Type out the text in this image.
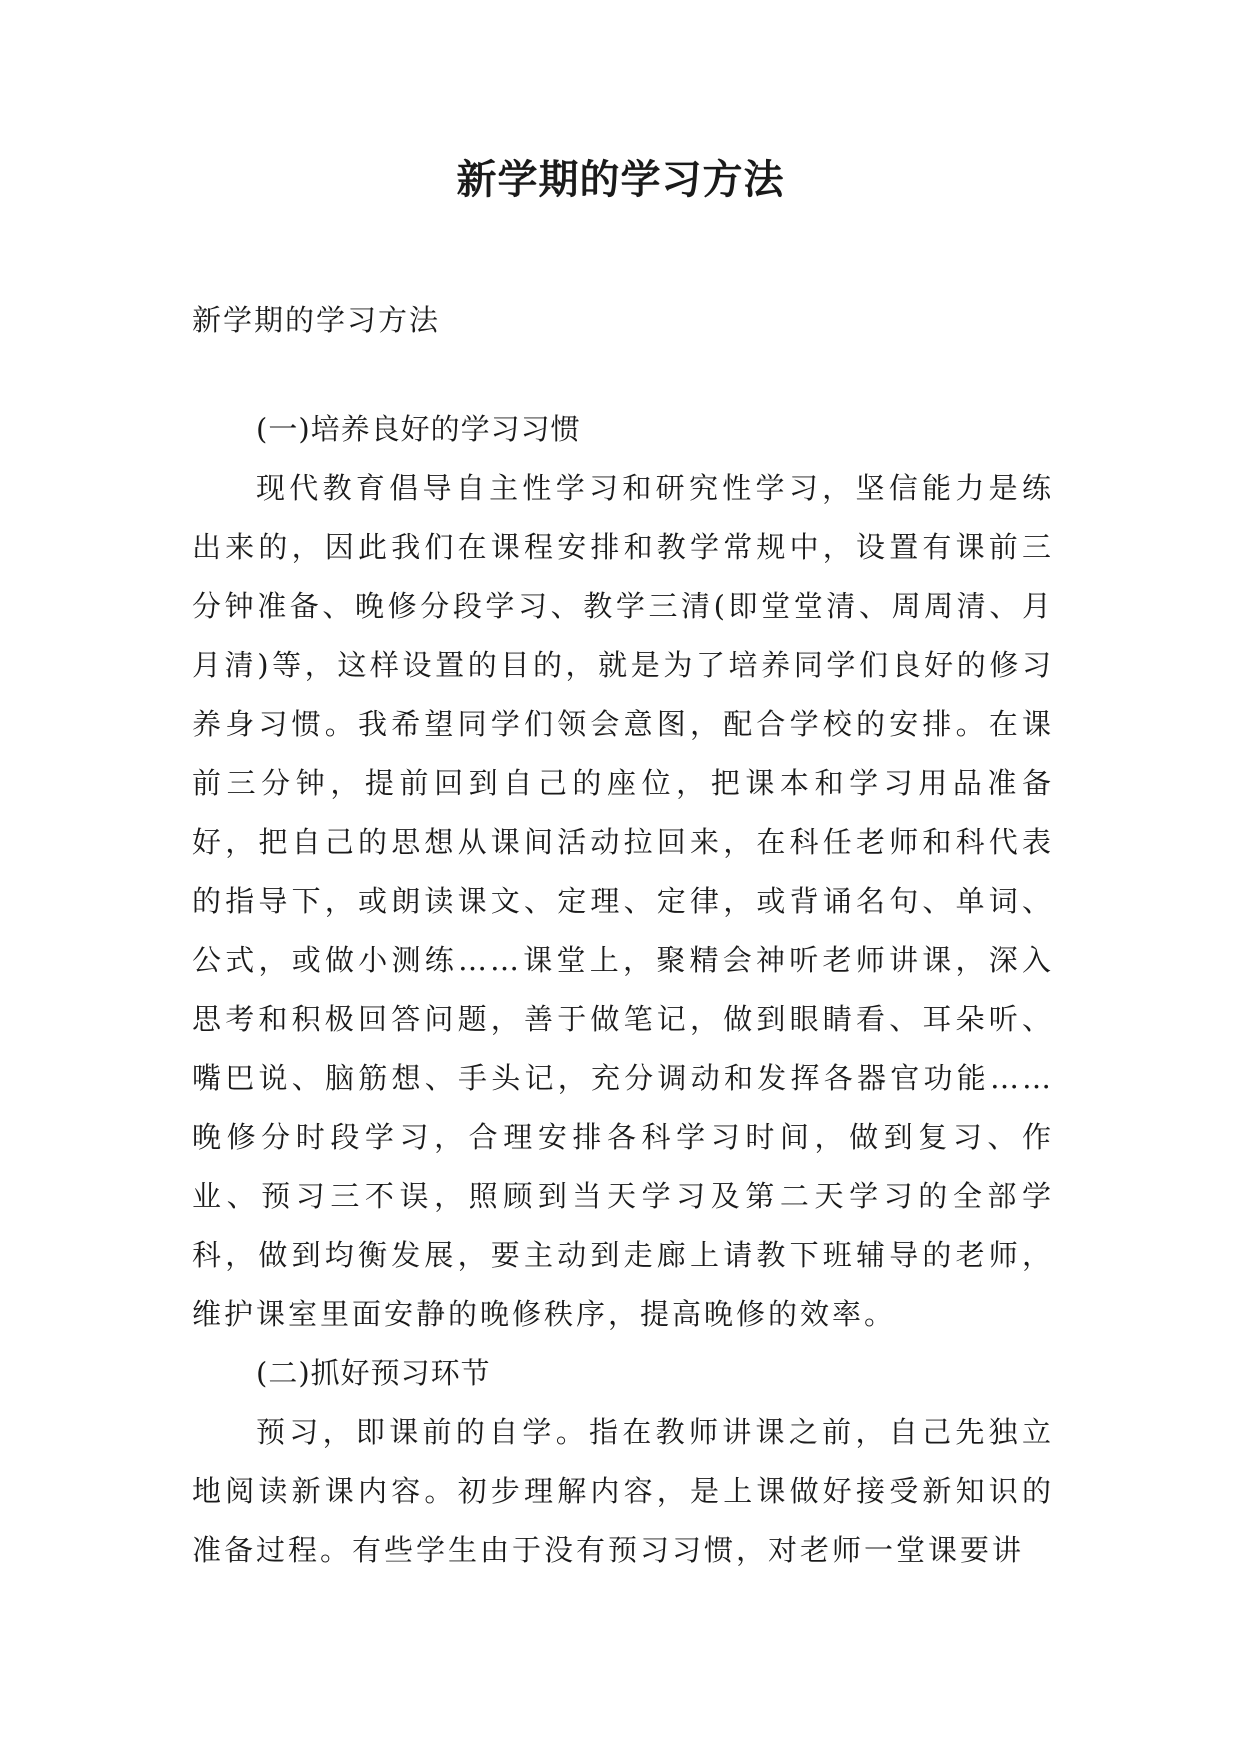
新学期的学习方法

新学期的学习方法

(一)培养良好的学习习惯

现代教育倡导自主性学习和研究性学习，坚信能力是练出来的，因此我们在课程安排和教学常规中，设置有课前三分钟准备、晚修分段学习、教学三清(即堂堂清、周周清、月月清)等，这样设置的目的，就是为了培养同学们良好的修习养身习惯。我希望同学们领会意图，配合学校的安排。在课前三分钟，提前回到自己的座位，把课本和学习用品准备好，把自己的思想从课间活动拉回来，在科任老师和科代表的指导下，或朗读课文、定理、定律，或背诵名句、单词、公式，或做小测练……课堂上，聚精会神听老师讲课，深入思考和积极回答问题，善于做笔记，做到眼睛看、耳朵听、嘴巴说、脑筋想、手头记，充分调动和发挥各器官功能……晚修分时段学习，合理安排各科学习时间，做到复习、作业、预习三不误，照顾到当天学习及第二天学习的全部学科，做到均衡发展，要主动到走廊上请教下班辅导的老师，维护课室里面安静的晚修秩序，提高晚修的效率。

(二)抓好预习环节

预习，即课前的自学。指在教师讲课之前，自己先独立地阅读新课内容。初步理解内容，是上课做好接受新知识的准备过程。有些学生由于没有预习习惯，对老师一堂课要讲
